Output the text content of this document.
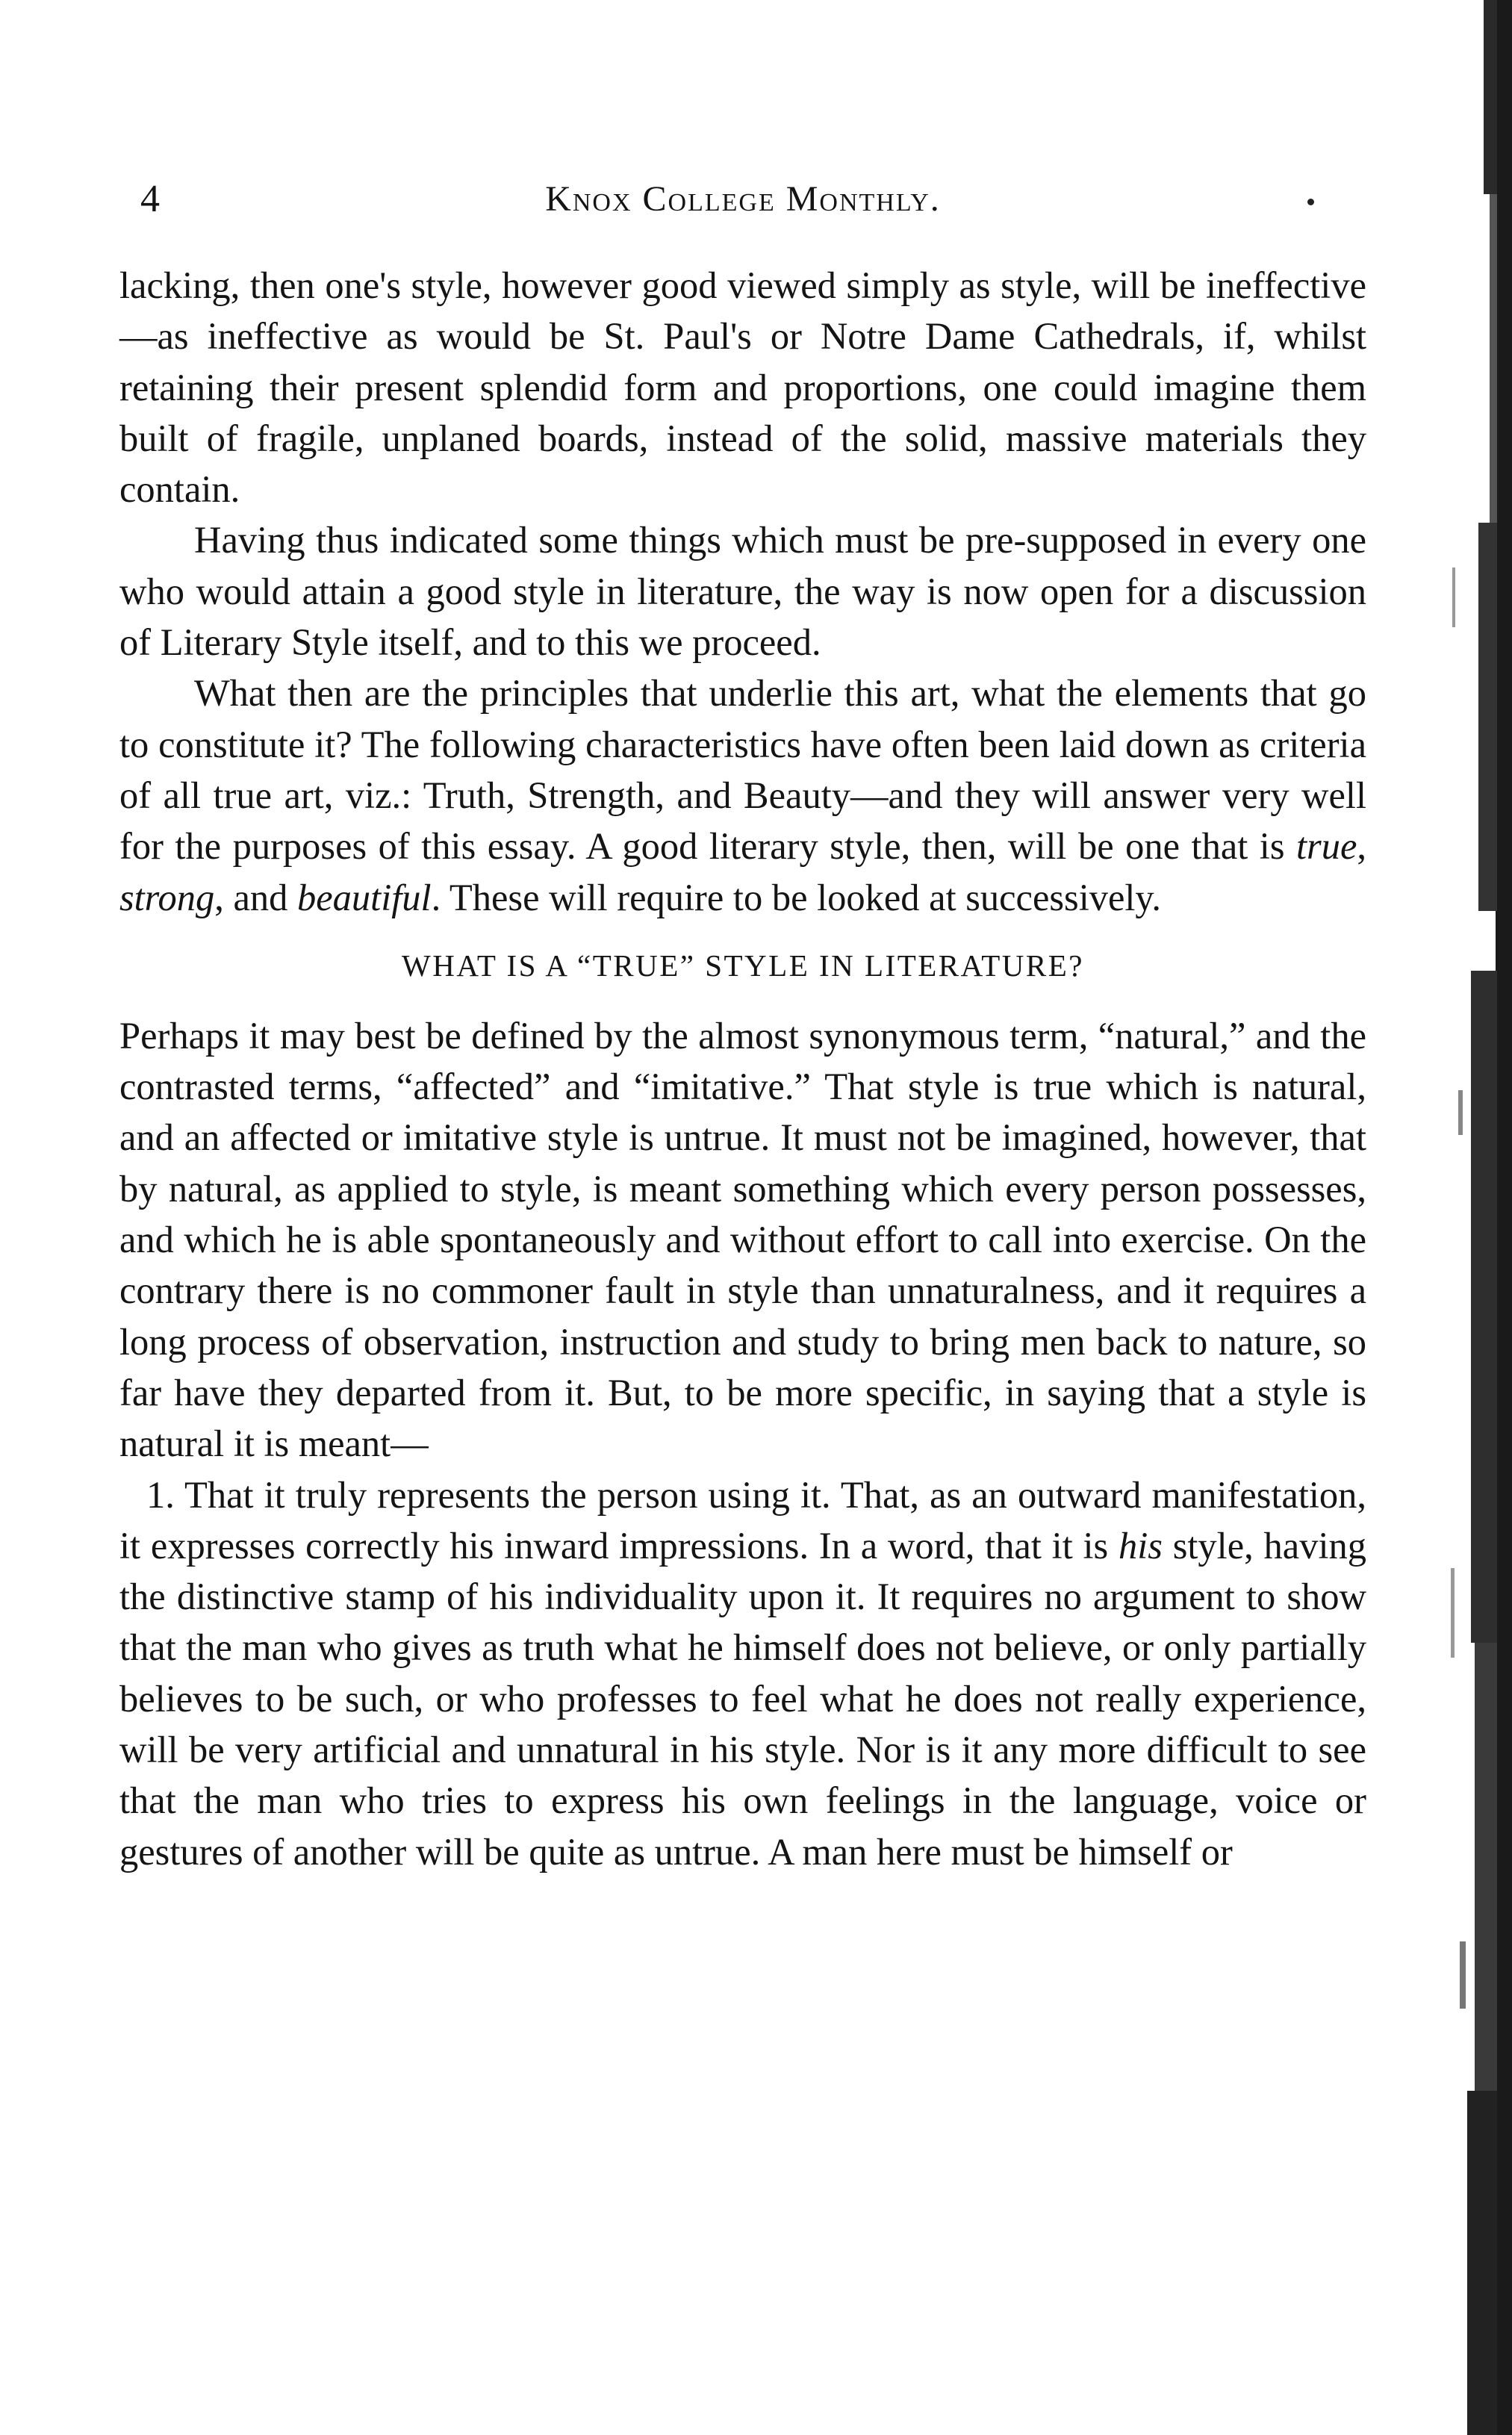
4	Knox College Monthly.

lacking, then one's style, however good viewed simply as style, will be ineffective—as ineffective as would be St. Paul's or Notre Dame Cathedrals, if, whilst retaining their present splendid form and proportions, one could imagine them built of fragile, unplaned boards, instead of the solid, massive materials they contain.

Having thus indicated some things which must be pre-supposed in every one who would attain a good style in literature, the way is now open for a discussion of Literary Style itself, and to this we proceed.

What then are the principles that underlie this art, what the elements that go to constitute it? The following characteristics have often been laid down as criteria of all true art, viz.: Truth, Strength, and Beauty—and they will answer very well for the purposes of this essay. A good literary style, then, will be one that is true, strong, and beautiful. These will require to be looked at successively.

WHAT IS A “TRUE” STYLE IN LITERATURE?

Perhaps it may best be defined by the almost synonymous term, “natural,” and the contrasted terms, “affected” and “imitative.” That style is true which is natural, and an affected or imitative style is untrue. It must not be imagined, however, that by natural, as applied to style, is meant something which every person possesses, and which he is able spontaneously and without effort to call into exercise. On the contrary there is no commoner fault in style than unnaturalness, and it requires a long process of observation, instruction and study to bring men back to nature, so far have they departed from it. But, to be more specific, in saying that a style is natural it is meant—

1. That it truly represents the person using it. That, as an outward manifestation, it expresses correctly his inward impressions. In a word, that it is his style, having the distinctive stamp of his individuality upon it. It requires no argument to show that the man who gives as truth what he himself does not believe, or only partially believes to be such, or who professes to feel what he does not really experience, will be very artificial and unnatural in his style. Nor is it any more difficult to see that the man who tries to express his own feelings in the language, voice or gestures of another will be quite as untrue. A man here must be himself or
